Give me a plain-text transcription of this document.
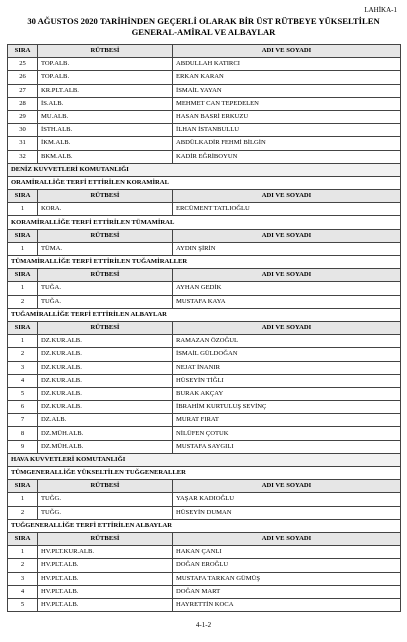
LAHİKA-1
30 AĞUSTOS 2020 TARİHİNDEN GEÇERLİ OLARAK BİR ÜST RÜTBEYE YÜKSELTİLEN
GENERAL-AMİRAL VE ALBAYLAR
SIRA	RÜTBESİ	ADI VE SOYADI
25	TOP.ALB.	ABDULLAH KATIRCI
26	TOP.ALB.	ERKAN KARAN
27	KR.PLT.ALB.	İSMAİL YAYAN
28	İS.ALB.	MEHMET CAN TEPEDELEN
29	MU.ALB.	HASAN BASRİ ERKUZU
30	İSTH.ALB.	İLHAN İSTANBULLU
31	İKM.ALB.	ABDÜLKADİR FEHMİ BİLGİN
32	BKM.ALB.	KADİR EĞRİBOYUN
DENİZ KUVVETLERİ KOMUTANLIĞI		
ORAMİRALLİĞE TERFİ ETTİRİLEN KORAMİRAL		
SIRA	RÜTBESİ	ADI VE SOYADI
1	KORA.	ERCÜMENT TATLIOĞLU
KORAMİRALLİĞE TERFİ ETTİRİLEN TÜMAMİRAL		
SIRA	RÜTBESİ	ADI VE SOYADI
1	TÜMA.	AYDIN ŞİRİN
TÜMAMİRALLİĞE TERFİ ETTİRİLEN TUĞAMİRALLER		
SIRA	RÜTBESİ	ADI VE SOYADI
1	TUĞA.	AYHAN GEDİK
2	TUĞA.	MUSTAFA KAYA
TUĞAMİRALLİĞE TERFİ ETTİRİLEN ALBAYLAR		
SIRA	RÜTBESİ	ADI VE SOYADI
1	DZ.KUR.ALB.	RAMAZAN ÖZOĞUL
2	DZ.KUR.ALB.	İSMAİL GÜLDOĞAN
3	DZ.KUR.ALB.	NEJAT İNANIR
4	DZ.KUR.ALB.	HÜSEYİN TİĞLI
5	DZ.KUR.ALB.	BURAK AKÇAY
6	DZ.KUR.ALB.	İBRAHİM KURTULUŞ SEVİNÇ
7	DZ.ALB.	MURAT FIRAT
8	DZ.MÜH.ALB.	NİLÜFEN ÇOTUK
9	DZ.MÜH.ALB.	MUSTAFA SAYGILI
HAVA KUVVETLERİ KOMUTANLIĞI		
TÜMGENERALLİĞE YÜKSELTİLEN TUĞGENERALLER		
SIRA	RÜTBESİ	ADI VE SOYADI
1	TUĞG.	YAŞAR KADIOĞLU
2	TUĞG.	HÜSEYİN DUMAN
TUĞGENERALLİĞE TERFİ ETTİRİLEN ALBAYLAR		
SIRA	RÜTBESİ	ADI VE SOYADI
1	HV.PLT.KUR.ALB.	HAKAN ÇANLI
2	HV.PLT.ALB.	DOĞAN EROĞLU
3	HV.PLT.ALB.	MUSTAFA TARKAN GÜMÜŞ
4	HV.PLT.ALB.	DOĞAN MART
5	HV.PLT.ALB.	HAYRETTİN KOCA
4-1-2
